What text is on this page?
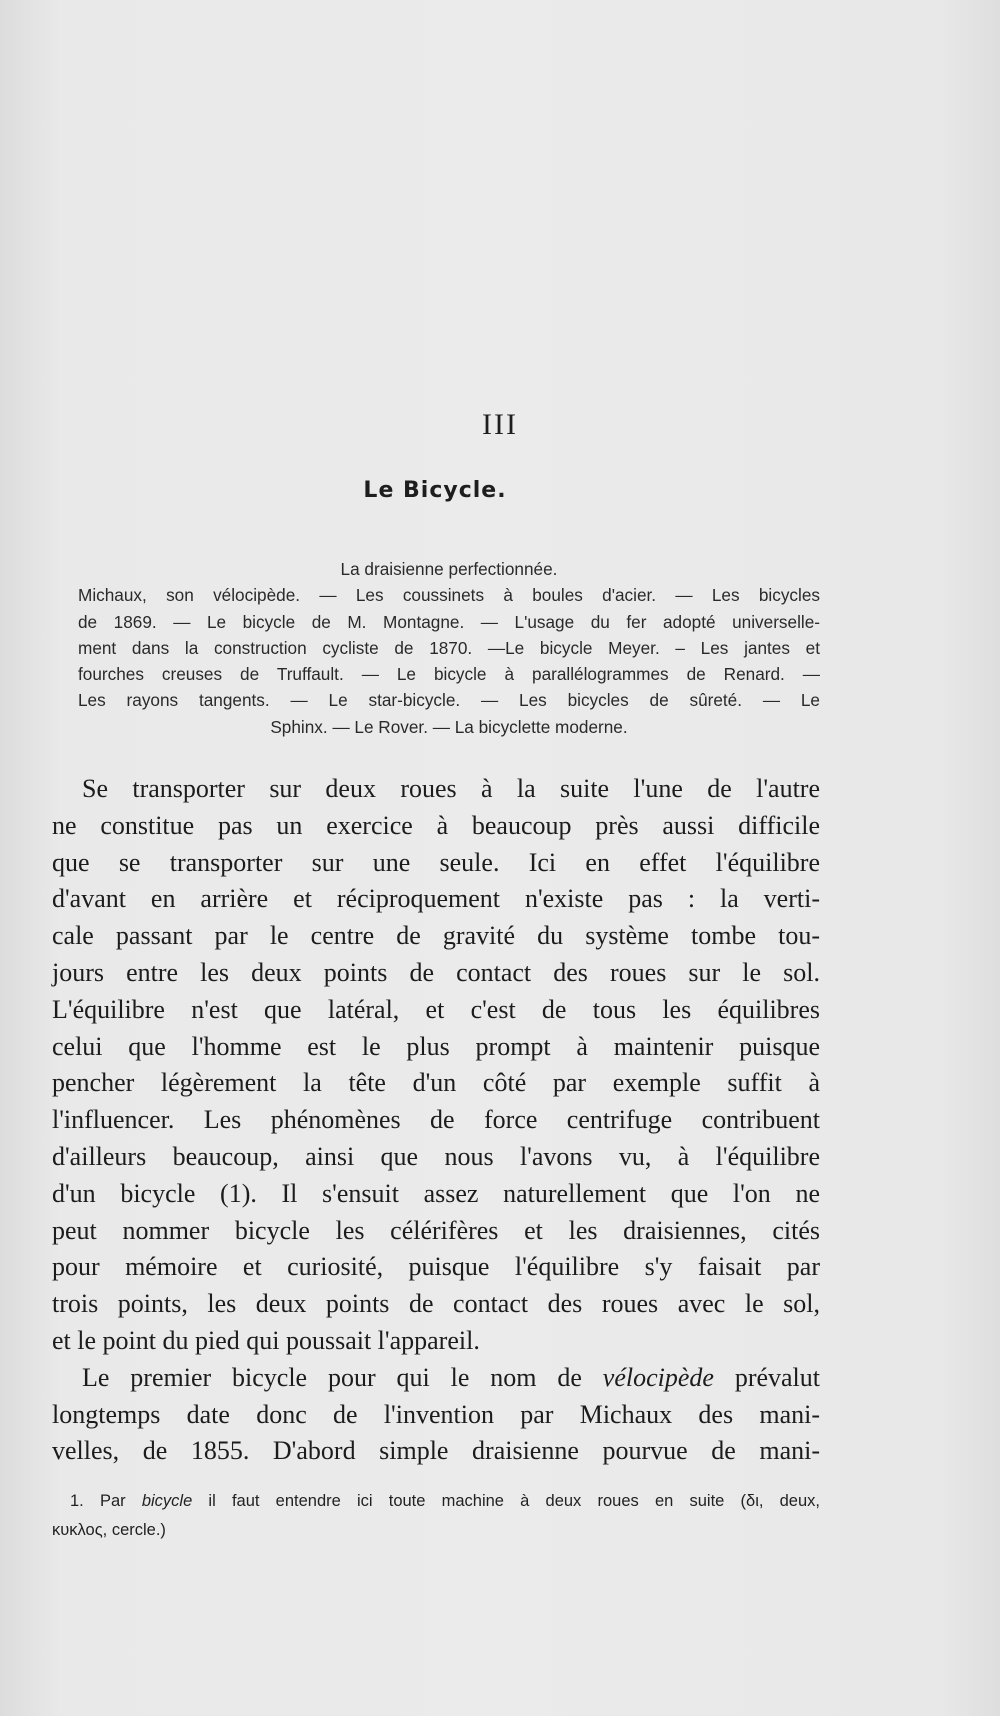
III
Le Bicycle.
La draisienne perfectionnée.
Michaux, son vélocipède. — Les coussinets à boules d'acier. — Les bicycles
de 1869. — Le bicycle de M. Montagne. — L'usage du fer adopté universelle-
ment dans la construction cycliste de 1870. —Le bicycle Meyer. – Les jantes et
fourches creuses de Truffault. — Le bicycle à parallélogrammes de Renard. —
Les rayons tangents. — Le star-bicycle. — Les bicycles de sûreté. — Le
Sphinx. — Le Rover. — La bicyclette moderne.
Se transporter sur deux roues à la suite l'une de l'autre
ne constitue pas un exercice à beaucoup près aussi difficile
que se transporter sur une seule. Ici en effet l'équilibre
d'avant en arrière et réciproquement n'existe pas : la verti-
cale passant par le centre de gravité du système tombe tou-
jours entre les deux points de contact des roues sur le sol.
L'équilibre n'est que latéral, et c'est de tous les équilibres
celui que l'homme est le plus prompt à maintenir puisque
pencher légèrement la tête d'un côté par exemple suffit à
l'influencer. Les phénomènes de force centrifuge contribuent
d'ailleurs beaucoup, ainsi que nous l'avons vu, à l'équilibre
d'un bicycle (1). Il s'ensuit assez naturellement que l'on ne
peut nommer bicycle les célérifères et les draisiennes, cités
pour mémoire et curiosité, puisque l'équilibre s'y faisait par
trois points, les deux points de contact des roues avec le sol,
et le point du pied qui poussait l'appareil.
Le premier bicycle pour qui le nom de vélocipède prévalut
longtemps date donc de l'invention par Michaux des mani-
velles, de 1855. D'abord simple draisienne pourvue de mani-
1. Par bicycle il faut entendre ici toute machine à deux roues en suite (δι, deux,
κυκλος, cercle.)
